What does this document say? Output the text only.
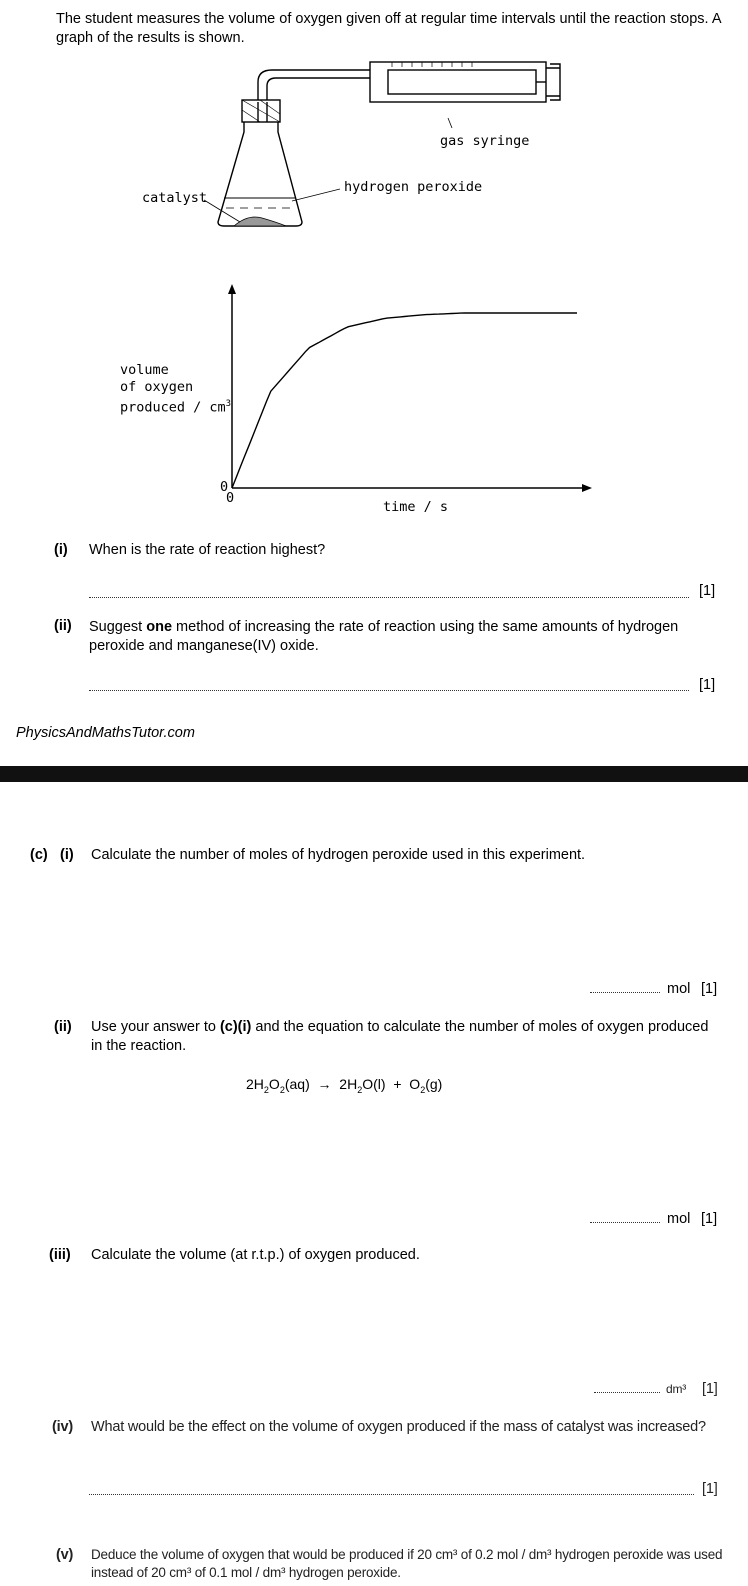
The student measures the volume of oxygen given off at regular time intervals until the reaction stops. A graph of the results is shown.
gas syringe
catalyst
hydrogen peroxide
volume
of oxygen
produced / $cm^3$
0
0
time / s
(i) When is the rate of reaction highest?
[1]
(ii) Suggest one method of increasing the rate of reaction using the same amounts of hydrogen peroxide and manganese(IV) oxide.
[1]
PhysicsAndMathsTutor.com
(c) (i) Calculate the number of moles of hydrogen peroxide used in this experiment.
mol [1]
(ii) Use your answer to (c)(i) and the equation to calculate the number of moles of oxygen produced in the reaction.
$2H_2O_2(aq) \to 2H_2O(l) + O_2(g)$
mol [1]
(iii) Calculate the volume (at r.t.p.) of oxygen produced.
dm³ [1]
(iv) What would be the effect on the volume of oxygen produced if the mass of catalyst was increased?
[1]
(v) Deduce the volume of oxygen that would be produced if 20 cm³ of 0.2 mol / dm³ hydrogen peroxide was used instead of 20 cm³ of 0.1 mol / dm³ hydrogen peroxide.
